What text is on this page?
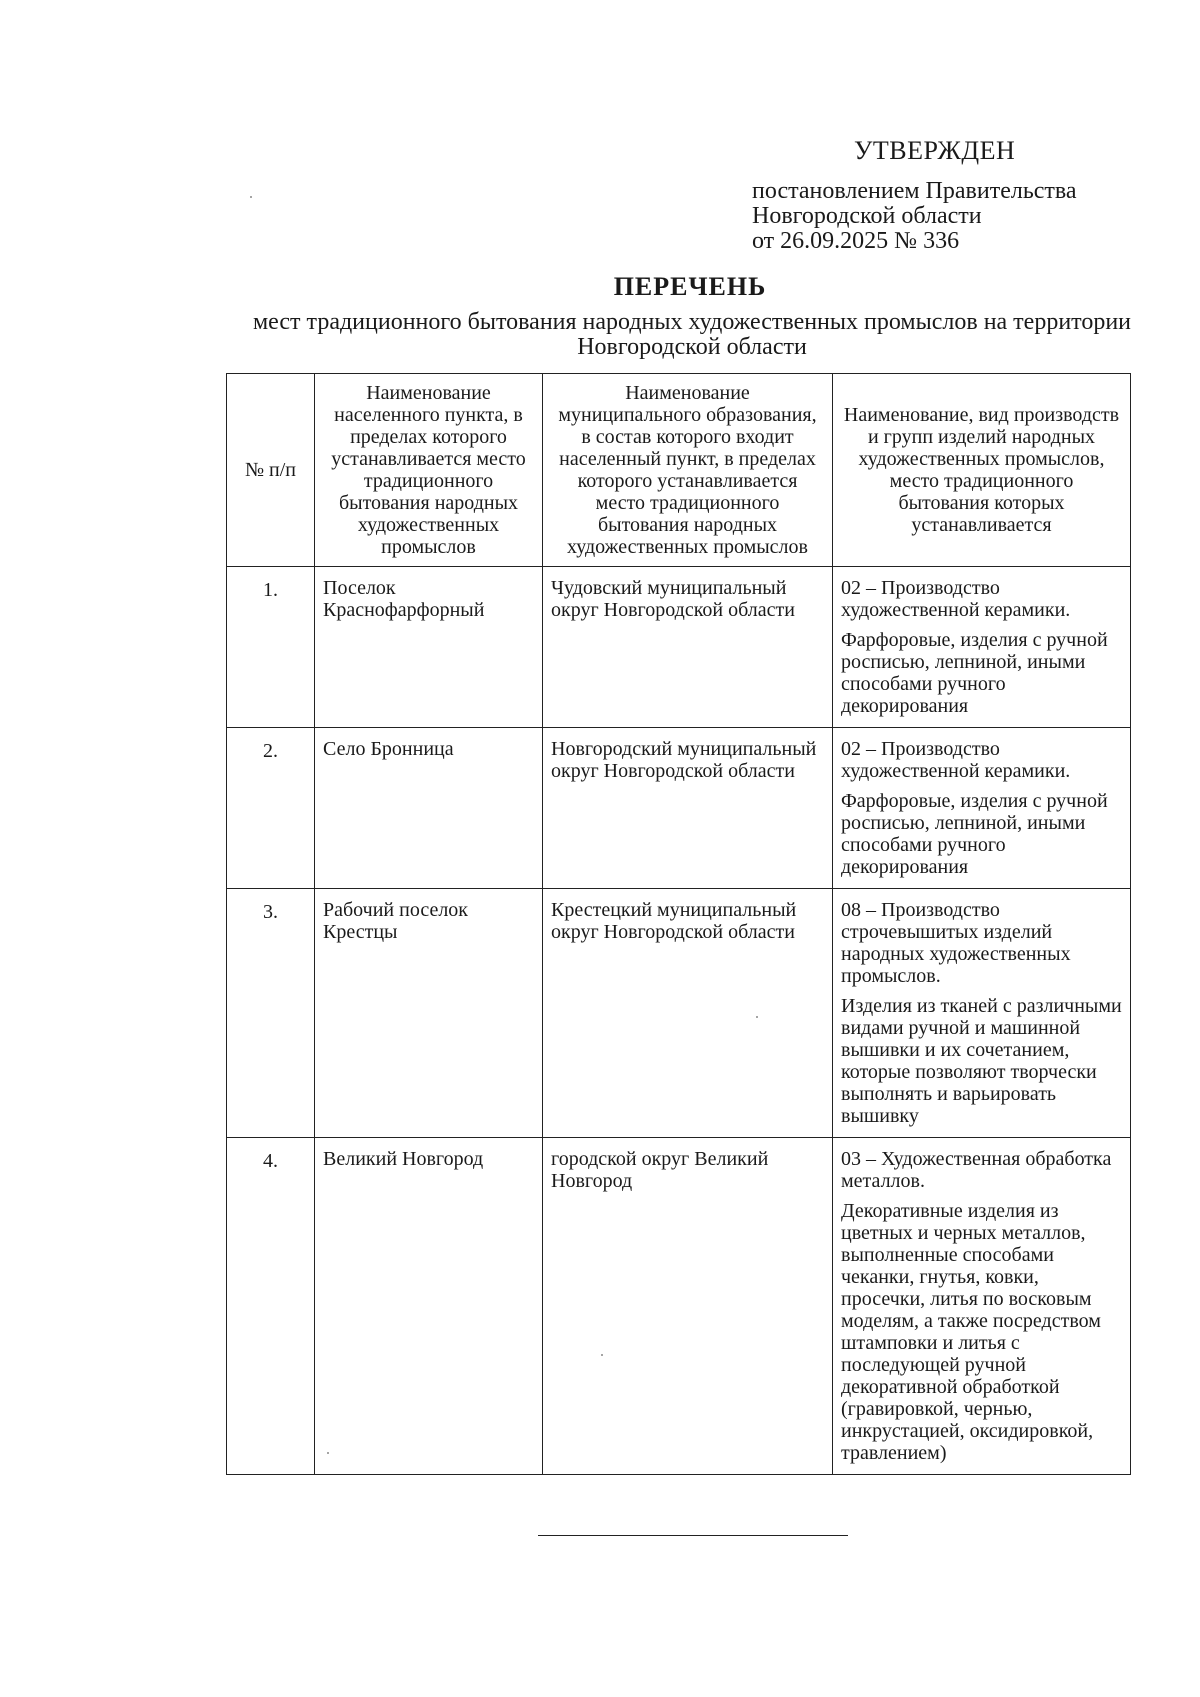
УТВЕРЖДЕН
постановлением Правительства
Новгородской области
от 26.09.2025 № 336
ПЕРЕЧЕНЬ
мест традиционного бытования народных художественных промыслов на территории Новгородской области
№ п/п	Наименование населенного пункта, в пределах которого устанавливается место традиционного бытования народных художественных промыслов	Наименование муниципального образования, в состав которого входит населенный пункт, в пределах которого устанавливается место традиционного бытования народных художественных промыслов	Наименование, вид производств и групп изделий народных художественных промыслов, место традиционного бытования которых устанавливается
1.	Поселок Краснофарфорный	Чудовский муниципальный округ Новгородской области	02 – Производство художественной керамики.
Фарфоровые, изделия с ручной росписью, лепниной, иными способами ручного декорирования

2.	Село Бронница	Новгородский муниципальный округ Новгородской области	02 – Производство художественной керамики.
Фарфоровые, изделия с ручной росписью, лепниной, иными способами ручного декорирования

3.	Рабочий поселок Крестцы	Крестецкий муниципальный округ Новгородской области	08 – Производство строчевышитых изделий народных художественных промыслов.
Изделия из тканей с различными видами ручной и машинной вышивки и их сочетанием, которые позволяют творчески выполнять и варьировать вышивку

4.	Великий Новгород	городской округ Великий Новгород	03 – Художественная обработка металлов.
Декоративные изделия из цветных и черных металлов, выполненные способами чеканки, гнутья, ковки, просечки, литья по восковым моделям, а также посредством штамповки и литья с последующей ручной декоративной обработкой (гравировкой, чернью, инкрустацией, оксидировкой, травлением)
